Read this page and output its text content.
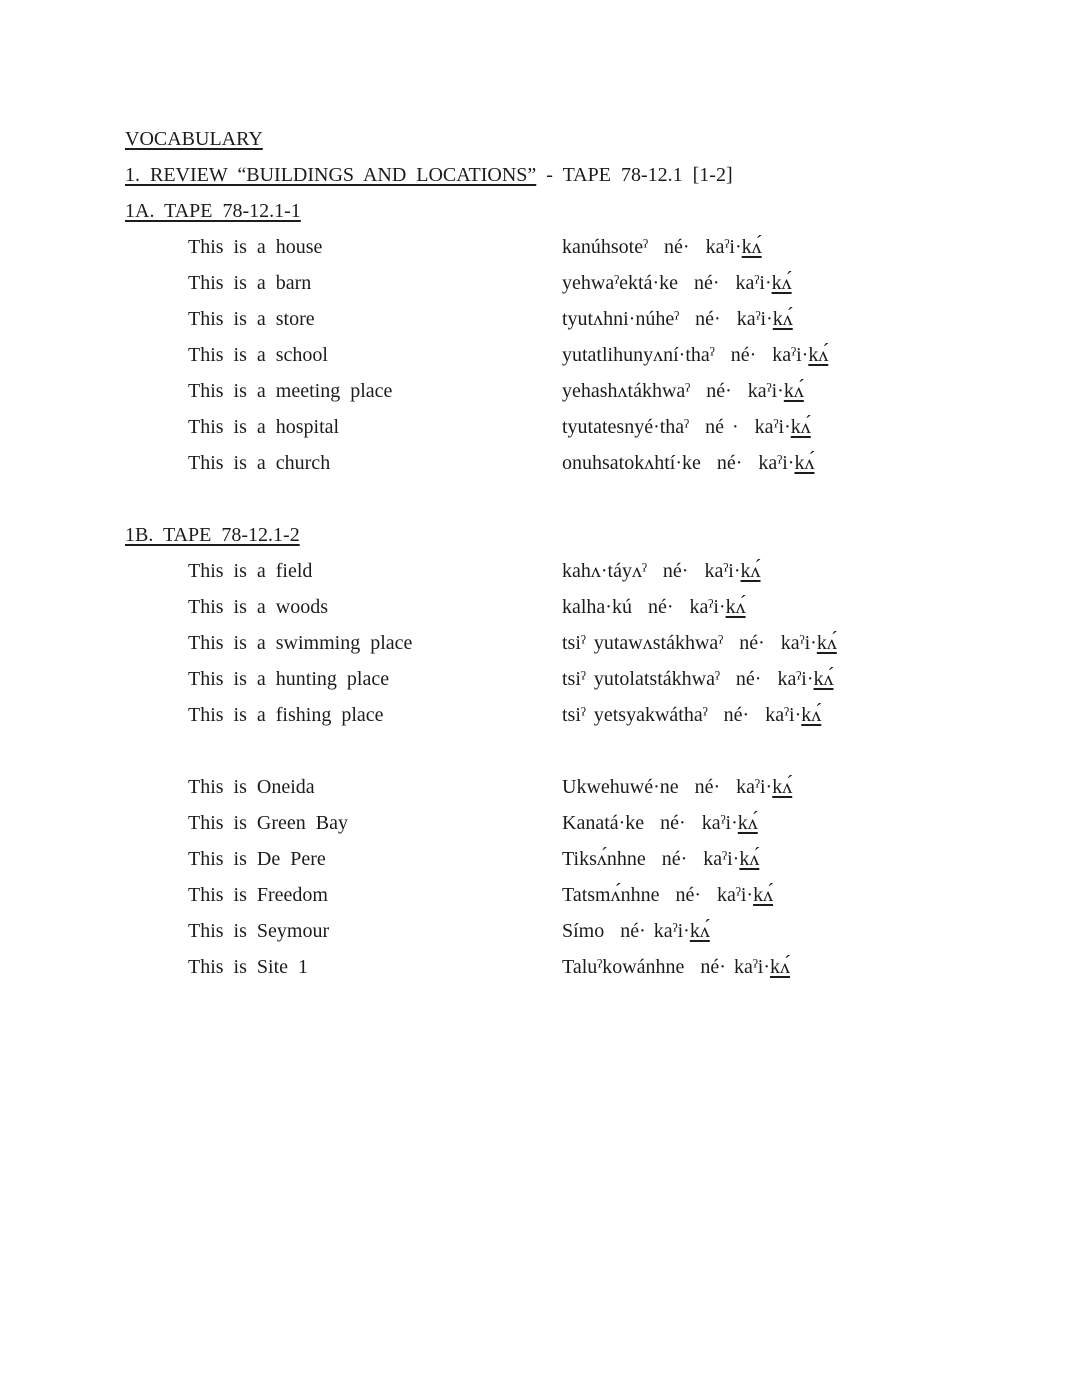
VOCABULARY
1. REVIEW “BUILDINGS AND LOCATIONS” - TAPE 78-12.1 [1-2]
1A. TAPE 78-12.1-1
This is a house	kanúhsoteˀ  né·  kaˀi·kʌ́
This is a barn	yehwaˀektá·ke  né·  kaˀi·kʌ́
This is a store	tyutʌhni·núheˀ  né·  kaˀi·kʌ́
This is a school	yutatlihunyʌní·thaˀ  né·  kaˀi·kʌ́
This is a meeting place	yehashʌtákhwaˀ  né·  kaˀi·kʌ́
This is a hospital	tyutatesnyé·thaˀ  né ·  kaˀi·kʌ́
This is a church	onuhsatokʌhtí·ke  né·  kaˀi·kʌ́
1B. TAPE 78-12.1-2
This is a field	kahʌ·táyʌˀ  né·  kaˀi·kʌ́
This is a woods	kalha·kú  né·  kaˀi·kʌ́
This is a swimming place	tsiˀ yutawʌstákhwaˀ  né·  kaˀi·kʌ́
This is a hunting place	tsiˀ yutolatstákhwaˀ  né·  kaˀi·kʌ́
This is a fishing place	tsiˀ yetsyakwáthaˀ  né·  kaˀi·kʌ́
This is Oneida	Ukwehuwé·ne  né·  kaˀi·kʌ́
This is Green Bay	Kanatá·ke  né·  kaˀi·kʌ́
This is De Pere	Tiksʌ́nhne  né·  kaˀi·kʌ́
This is Freedom	Tatsmʌ́nhne  né·  kaˀi·kʌ́
This is Seymour	Símo  né· kaˀi·kʌ́
This is Site 1	Taluˀkowánhne  né· kaˀi·kʌ́
